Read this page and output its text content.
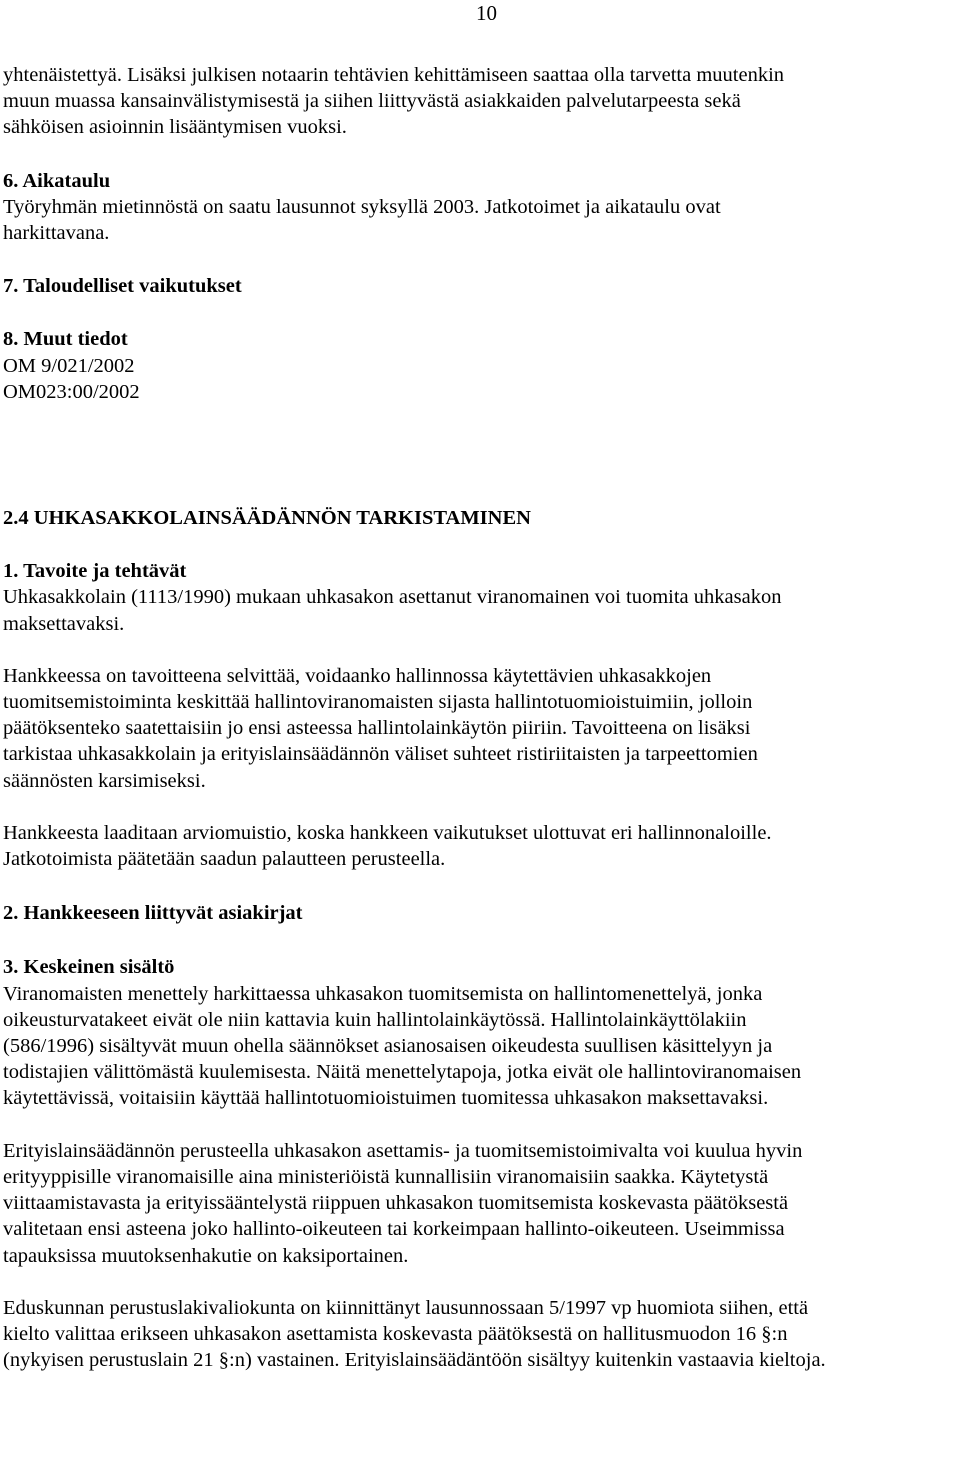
10

yhtenäistettyä. Lisäksi julkisen notaarin tehtävien kehittämiseen saattaa olla tarvetta muutenkin
muun muassa kansainvälistymisestä ja siihen liittyvästä asiakkaiden palvelutarpeesta sekä
sähköisen asioinnin lisääntymisen vuoksi.

6. Aikataulu
Työryhmän mietinnöstä on saatu lausunnot syksyllä 2003. Jatkotoimet ja aikataulu ovat
harkittavana.

7. Taloudelliset vaikutukset

8. Muut tiedot
OM 9/021/2002
OM023:00/2002

2.4 UHKASAKKOLAINSÄÄDÄNNÖN TARKISTAMINEN

1. Tavoite ja tehtävät
Uhkasakkolain (1113/1990) mukaan uhkasakon asettanut viranomainen voi tuomita uhkasakon
maksettavaksi.

Hankkeessa on tavoitteena selvittää, voidaanko hallinnossa käytettävien uhkasakkojen
tuomitsemistoiminta keskittää hallintoviranomaisten sijasta hallintotuomioistuimiin, jolloin
päätöksenteko saatettaisiin jo ensi asteessa hallintolainkäytön piiriin. Tavoitteena on lisäksi
tarkistaa uhkasakkolain ja erityislainsäädännön väliset suhteet ristiriitaisten ja tarpeettomien
säännösten karsimiseksi.

Hankkeesta laaditaan arviomuistio, koska hankkeen vaikutukset ulottuvat eri hallinnonaloille.
Jatkotoimista päätetään saadun palautteen perusteella.

2. Hankkeeseen liittyvät asiakirjat

3. Keskeinen sisältö
Viranomaisten menettely harkittaessa uhkasakon tuomitsemista on hallintomenettelyä, jonka
oikeusturvatakeet eivät ole niin kattavia kuin hallintolainkäytössä. Hallintolainkäyttölakiin
(586/1996) sisältyvät muun ohella säännökset asianosaisen oikeudesta suullisen käsittelyyn ja
todistajien välittömästä kuulemisesta. Näitä menettelytapoja, jotka eivät ole hallintoviranomaisen
käytettävissä, voitaisiin käyttää hallintotuomioistuimen tuomitessa uhkasakon maksettavaksi.

Erityislainsäädännön perusteella uhkasakon asettamis- ja tuomitsemistoimivalta voi kuulua hyvin
erityyppisille viranomaisille aina ministeriöistä kunnallisiin viranomaisiin saakka. Käytetystä
viittaamistavasta ja erityissääntelystä riippuen uhkasakon tuomitsemista koskevasta päätöksestä
valitetaan ensi asteena joko hallinto-oikeuteen tai korkeimpaan hallinto-oikeuteen. Useimmissa
tapauksissa muutoksenhakutie on kaksiportainen.

Eduskunnan perustuslakivaliokunta on kiinnittänyt lausunnossaan 5/1997 vp huomiota siihen, että
kielto valittaa erikseen uhkasakon asettamista koskevasta päätöksestä on hallitusmuodon 16 §:n
(nykyisen perustuslain 21 §:n) vastainen. Erityislainsäädäntöön sisältyy kuitenkin vastaavia kieltoja.
